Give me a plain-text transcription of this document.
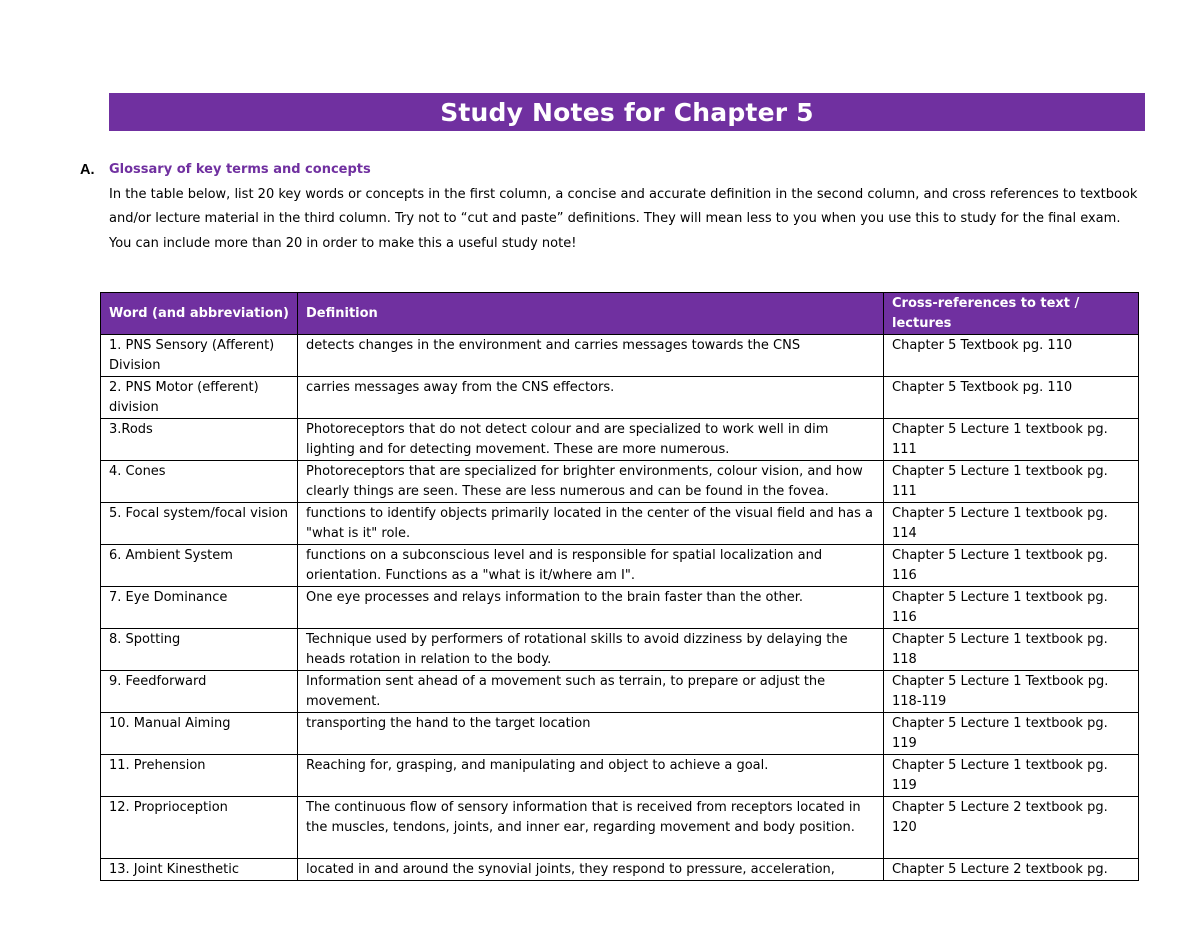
Study Notes for Chapter 5
A.	Glossary of key terms and concepts
In the table below, list 20 key words or concepts in the first column, a concise and accurate definition in the second column, and cross references to textbook and/or lecture material in the third column. Try not to “cut and paste” definitions. They will mean less to you when you use this to study for the final exam. You can include more than 20 in order to make this a useful study note!
Word (and abbreviation)	Definition	Cross-references to text / lectures
1. PNS Sensory (Afferent) Division	detects changes in the environment and carries messages towards the CNS	Chapter 5 Textbook pg. 110
2. PNS Motor (efferent) division	carries messages away from the CNS effectors.	Chapter 5 Textbook pg. 110
3.Rods	Photoreceptors that do not detect colour and are specialized to work well in dim lighting and for detecting movement. These are more numerous.	Chapter 5 Lecture 1 textbook pg. 111
4. Cones	Photoreceptors that are specialized for brighter environments, colour vision, and how clearly things are seen. These are less numerous and can be found in the fovea.	Chapter 5 Lecture 1 textbook pg. 111
5. Focal system/focal vision	functions to identify objects primarily located in the center of the visual field and has a "what is it" role.	Chapter 5 Lecture 1 textbook pg. 114
6. Ambient System	functions on a subconscious level and is responsible for spatial localization and orientation. Functions as a "what is it/where am I".	Chapter 5 Lecture 1 textbook pg. 116
7. Eye Dominance	One eye processes and relays information to the brain faster than the other.	Chapter 5 Lecture 1 textbook pg. 116
8. Spotting	Technique used by performers of rotational skills to avoid dizziness by delaying the heads rotation in relation to the body.	Chapter 5 Lecture 1 textbook pg. 118
9. Feedforward	Information sent ahead of a movement such as terrain, to prepare or adjust the movement.	Chapter 5 Lecture 1 Textbook pg. 118-119
10. Manual Aiming	transporting the hand to the target location	Chapter 5 Lecture 1 textbook pg. 119
11. Prehension	Reaching for, grasping, and manipulating and object to achieve a goal.	Chapter 5 Lecture 1 textbook pg. 119
12. Proprioception	The continuous flow of sensory information that is received from receptors located in the muscles, tendons, joints, and inner ear, regarding movement and body position.	Chapter 5 Lecture 2 textbook pg. 120
13. Joint Kinesthetic	located in and around the synovial joints, they respond to pressure, acceleration,	Chapter 5 Lecture 2 textbook pg.
